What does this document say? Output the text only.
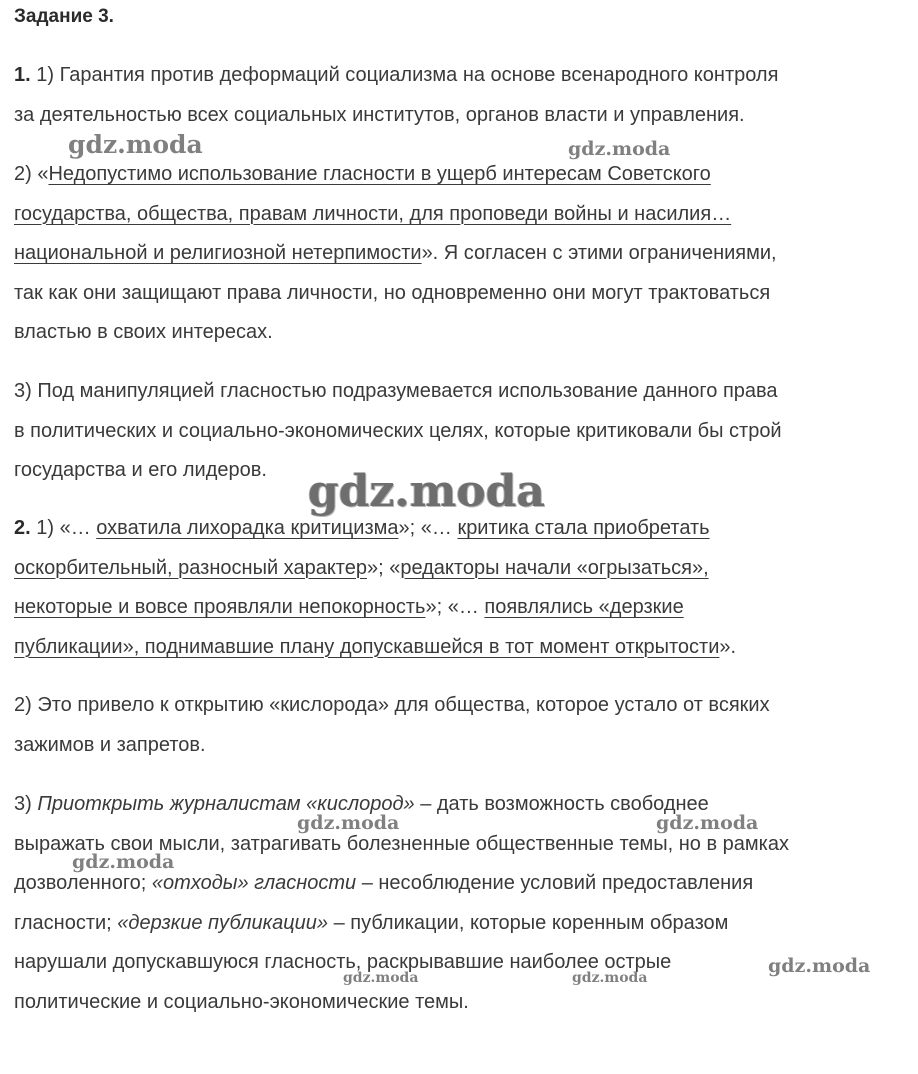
Задание 3.
1. 1) Гарантия против деформаций социализма на основе всенародного контроля
за деятельностью всех социальных институтов, органов власти и управления.
2) «Недопустимо использование гласности в ущерб интересам Советского
государства, общества, правам личности, для проповеди войны и насилия…
национальной и религиозной нетерпимости». Я согласен с этими ограничениями,
так как они защищают права личности, но одновременно они могут трактоваться
властью в своих интересах.
3) Под манипуляцией гласностью подразумевается использование данного права
в политических и социально-экономических целях, которые критиковали бы строй
государства и его лидеров.
2. 1) «… охватила лихорадка критицизма»; «… критика стала приобретать
оскорбительный, разносный характер»; «редакторы начали «огрызаться»,
некоторые и вовсе проявляли непокорность»; «… появлялись «дерзкие
публикации», поднимавшие плану допускавшейся в тот момент открытости».
2) Это привело к открытию «кислорода» для общества, которое устало от всяких
зажимов и запретов.
3) Приоткрыть журналистам «кислород» – дать возможность свободнее
выражать свои мысли, затрагивать болезненные общественные темы, но в рамках
дозволенного; «отходы» гласности – несоблюдение условий предоставления
гласности; «дерзкие публикации» – публикации, которые коренным образом
нарушали допускавшуюся гласность, раскрывавшие наиболее острые
политические и социально-экономические темы.
gdz.moda	gdz.moda
gdz.moda
gdz.moda	gdz.moda
gdz.moda
gdz.moda
gdz.moda	gdz.moda
